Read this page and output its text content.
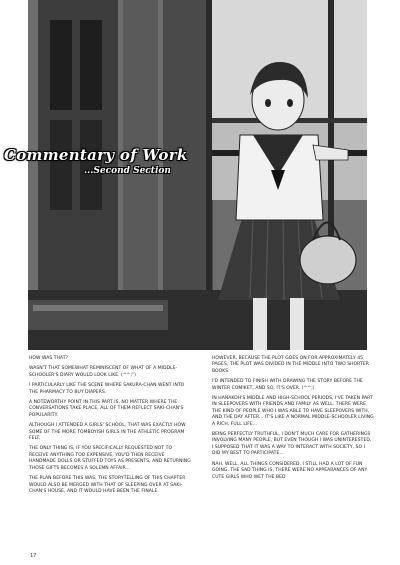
Commentary of Work
...Second Section

HOW WAS THAT?

WASN'T THAT SOMEWHAT REMINISCENT OF WHAT OF A MIDDLE-SCHOOLER'S DIARY WOULD LOOK LIKE. (^^;")

I PARTICULARLY LIKE THE SCENE WHERE SAKURA-CHAN WENT INTO THE PHARMACY TO BUY DIAPERS.

A NOTEWORTHY POINT IN THIS PART IS, NO MATTER WHERE THE CONVERSATIONS TAKE PLACE, ALL OF THEM REFLECT SAKI-CHAN'S POPULARITY.

ALTHOUGH I ATTENDED A GIRLS' SCHOOL, THAT WAS EXACTLY HOW SOME OF THE MORE TOMBOYISH GIRLS IN THE ATHLETIC PROGRAM FELT.

THE ONLY THING IS, IF YOU SPECIFICALLY REQUESTED NOT TO RECEIVE ANYTHING TOO EXPENSIVE, YOU'D THEN RECEIVE HANDMADE DOLLS OR STUFFED TOYS AS PRESENTS, AND RETURNING THOSE GIFTS BECOMES A SOLEMN AFFAIR...

THE PLAN BEFORE THIS WAS, THE STORYTELLING OF THIS CHAPTER WOULD ALSO BE MERGED WITH THAT OF SLEEPING OVER AT SAKI-CHAN'S HOUSE, AND IT WOULD HAVE BEEN THE FINALE.

HOWEVER, BECAUSE THE PLOT GOES ON FOR APPROXIMATELY 45 PAGES, THE PLOT WAS DIVIDED IN THE MIDDLE INTO TWO SHORTER BOOKS.

I'D INTENDED TO FINISH WITH DRAWING THE STORY BEFORE THE WINTER COMIKET, AND SO, IT'S OVER. (^^;)

IN HANAKOH'S MIDDLE AND HIGH-SCHOOL PERIODS, I'VE TAKEN PART IN SLEEPOVERS WITH FRIENDS AND FAMILY AS WELL. THERE WERE THE KIND OF PEOPLE WHO I WAS ABLE TO HAVE SLEEPOVERS WITH, AND THE DAY AFTER... IT'S LIKE A NORMAL MIDDLE-SCHOOLER LIVING A RICH, FULL LIFE...

BEING PERFECTLY TRUTHFUL, I DON'T MUCH CARE FOR GATHERINGS INVOLVING MANY PEOPLE, BUT EVEN THOUGH I WAS UNINTERESTED, I SUPPOSED THAT IT WAS A WAY TO INTERACT WITH SOCIETY, SO I DID MY BEST TO PARTICIPATE...

NAH, WELL, ALL THINGS CONSIDERED, I STILL HAD A LOT OF FUN GOING. THE SAD THING IS, THERE WERE NO APPEARANCES OF ANY CUTE GIRLS WHO WET THE BED

17
